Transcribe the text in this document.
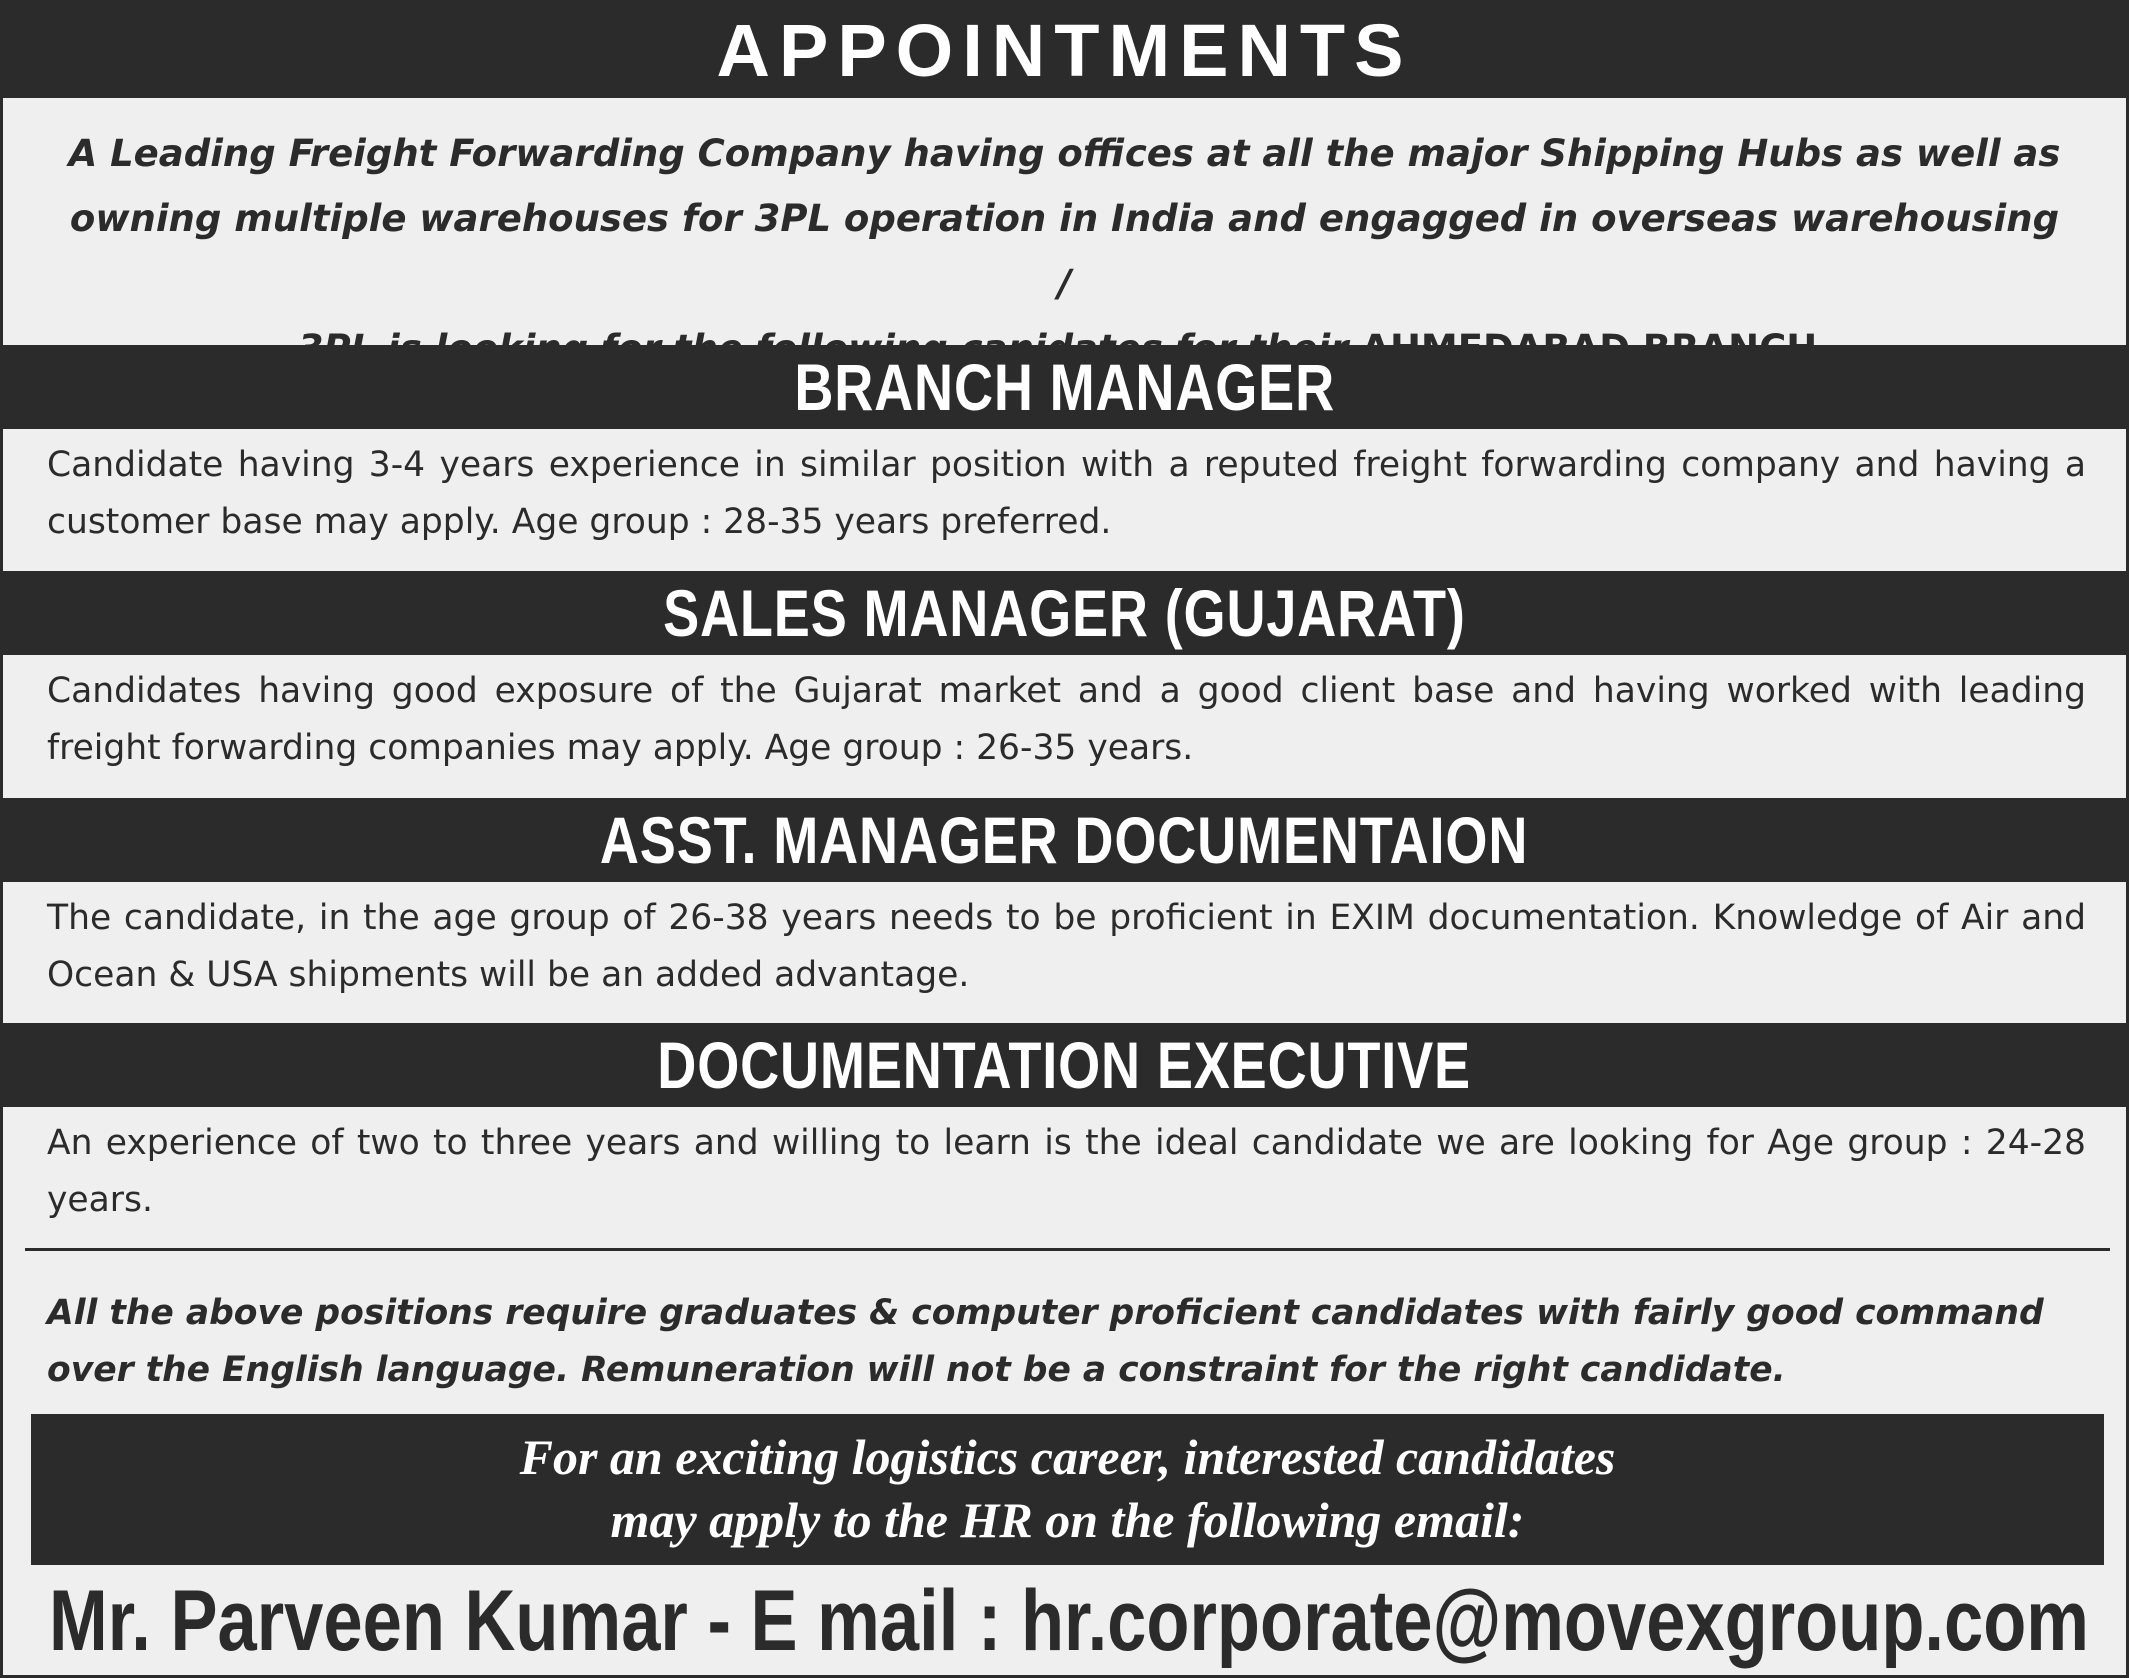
APPOINTMENTS

A Leading Freight Forwarding Company having offices at all the major Shipping Hubs as well as
owning multiple warehouses for 3PL operation in India and engagged in overseas warehousing /

BRANCH MANAGER

Candidate having 3-4 years experience in similar position with a reputed freight forwarding company and having a customer base may apply. Age group : 28-35 years preferred.

SALES MANAGER (GUJARAT)

Candidates having good exposure of the Gujarat market and a good client base and having worked with leading freight forwarding companies may apply. Age group : 26-35 years.

ASST. MANAGER DOCUMENTAION

The candidate, in the age group of 26-38 years needs to be proficient in EXIM documentation. Knowledge of Air and Ocean & USA shipments will be an added advantage.

DOCUMENTATION EXECUTIVE

An experience of two to three years and willing to learn is the ideal candidate we are looking for Age group : 24-28 years.

All the above positions require graduates & computer proficient candidates with fairly good command over the English language. Remuneration will not be a constraint for the right candidate.

For an exciting logistics career, interested candidates
may apply to the HR on the following email:
Mr. Parveen Kumar - E mail : hr.corporate@movexgroup.com
